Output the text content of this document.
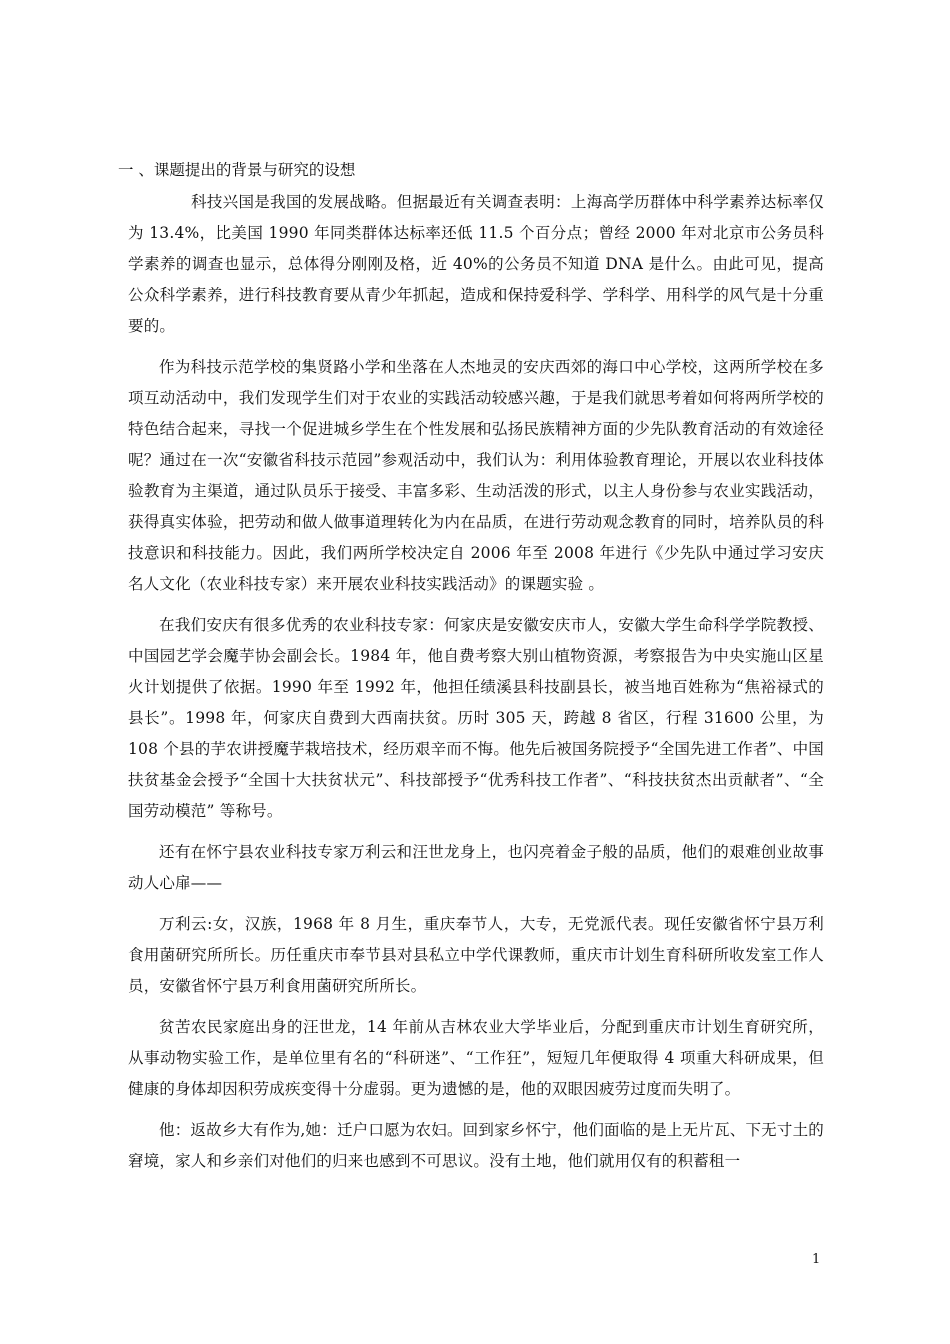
一 、课题提出的背景与研究的设想

科技兴国是我国的发展战略。但据最近有关调查表明：上海高学历群体中科学素养达标率仅为 13.4%，比美国 1990 年同类群体达标率还低 11.5 个百分点；曾经 2000 年对北京市公务员科学素养的调查也显示，总体得分刚刚及格，近 40%的公务员不知道 DNA 是什么。由此可见，提高公众科学素养，进行科技教育要从青少年抓起，造成和保持爱科学、学科学、用科学的风气是十分重要的。

作为科技示范学校的集贤路小学和坐落在人杰地灵的安庆西郊的海口中心学校，这两所学校在多项互动活动中，我们发现学生们对于农业的实践活动较感兴趣，于是我们就思考着如何将两所学校的特色结合起来，寻找一个促进城乡学生在个性发展和弘扬民族精神方面的少先队教育活动的有效途径呢？通过在一次“安徽省科技示范园”参观活动中，我们认为：利用体验教育理论，开展以农业科技体验教育为主渠道，通过队员乐于接受、丰富多彩、生动活泼的形式，以主人身份参与农业实践活动，获得真实体验，把劳动和做人做事道理转化为内在品质，在进行劳动观念教育的同时，培养队员的科技意识和科技能力。因此，我们两所学校决定自 2006 年至 2008 年进行《少先队中通过学习安庆名人文化（农业科技专家）来开展农业科技实践活动》的课题实验 。

在我们安庆有很多优秀的农业科技专家：何家庆是安徽安庆市人，安徽大学生命科学学院教授、中国园艺学会魔芋协会副会长。1984 年，他自费考察大别山植物资源，考察报告为中央实施山区星火计划提供了依据。1990 年至 1992 年，他担任绩溪县科技副县长，被当地百姓称为“焦裕禄式的县长”。1998 年，何家庆自费到大西南扶贫。历时 305 天，跨越 8 省区，行程 31600 公里，为 108 个县的芋农讲授魔芋栽培技术，经历艰辛而不悔。他先后被国务院授予“全国先进工作者”、中国扶贫基金会授予“全国十大扶贫状元”、科技部授予“优秀科技工作者”、“科技扶贫杰出贡献者”、“全国劳动模范” 等称号。

还有在怀宁县农业科技专家万利云和汪世龙身上，也闪亮着金子般的品质，他们的艰难创业故事动人心扉——

万利云:女，汉族，1968 年 8 月生，重庆奉节人，大专，无党派代表。现任安徽省怀宁县万利食用菌研究所所长。历任重庆市奉节县对县私立中学代课教师，重庆市计划生育科研所收发室工作人员，安徽省怀宁县万利食用菌研究所所长。

贫苦农民家庭出身的汪世龙，14 年前从吉林农业大学毕业后，分配到重庆市计划生育研究所，从事动物实验工作，是单位里有名的“科研迷”、“工作狂”，短短几年便取得 4 项重大科研成果，但健康的身体却因积劳成疾变得十分虚弱。更为遗憾的是，他的双眼因疲劳过度而失明了。

他：返故乡大有作为,她：迁户口愿为农妇。回到家乡怀宁，他们面临的是上无片瓦、下无寸土的窘境，家人和乡亲们对他们的归来也感到不可思议。没有土地，他们就用仅有的积蓄租一

1
